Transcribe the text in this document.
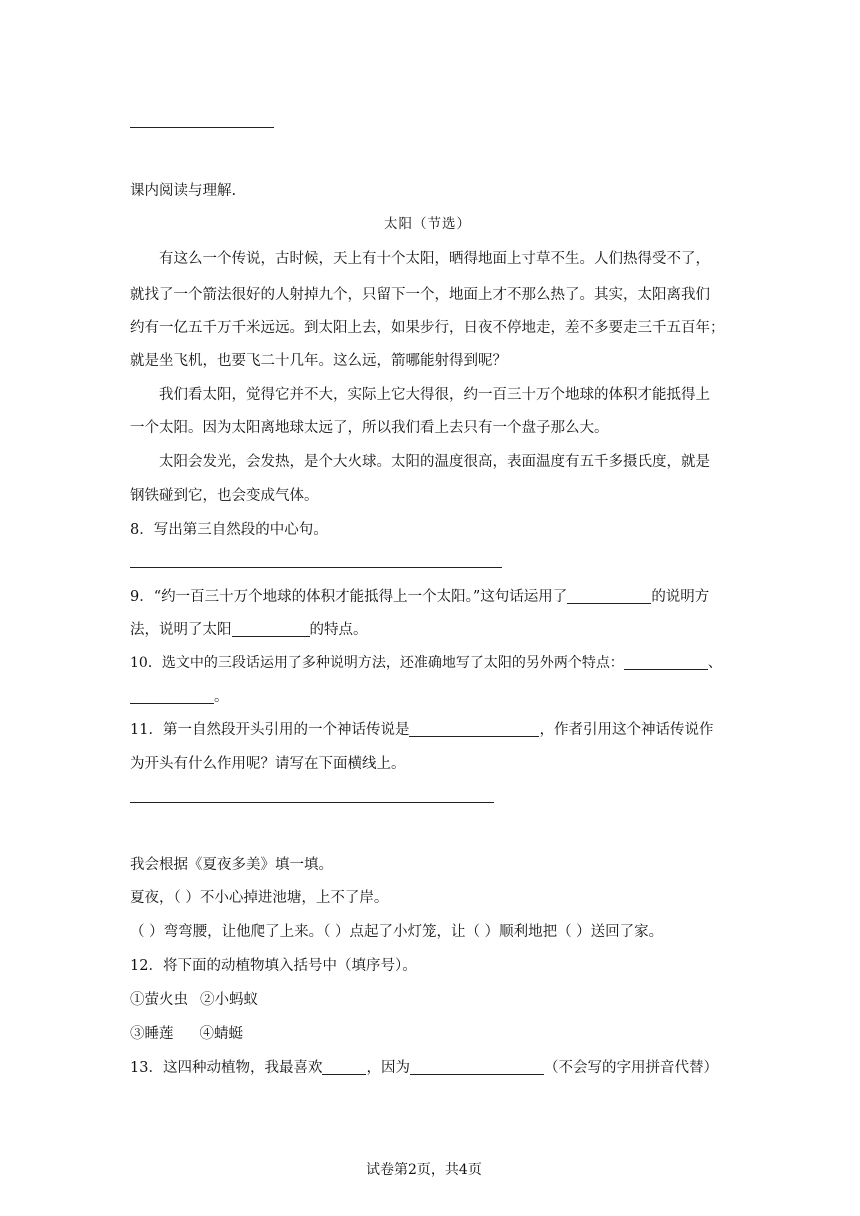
课内阅读与理解.
太阳（节选）
有这么一个传说，古时候，天上有十个太阳，晒得地面上寸草不生。人们热得受不了，
就找了一个箭法很好的人射掉九个，只留下一个，地面上才不那么热了。其实，太阳离我们
约有一亿五千万千米远远。到太阳上去，如果步行，日夜不停地走，差不多要走三千五百年；
就是坐飞机，也要飞二十几年。这么远，箭哪能射得到呢？
我们看太阳，觉得它并不大，实际上它大得很，约一百三十万个地球的体积才能抵得上
一个太阳。因为太阳离地球太远了，所以我们看上去只有一个盘子那么大。
太阳会发光，会发热，是个大火球。太阳的温度很高，表面温度有五千多摄氏度，就是
钢铁碰到它，也会变成气体。
8．写出第三自然段的中心句。
9．“约一百三十万个地球的体积才能抵得上一个太阳。”这句话运用了	的说明方
法，说明了太阳	的特点。
10．选文中的三段话运用了多种说明方法，还准确地写了太阳的另外两个特点：	、
。
11．第一自然段开头引用的一个神话传说是	，作者引用这个神话传说作
为开头有什么作用呢？请写在下面横线上。
我会根据《夏夜多美》填一填。
夏夜，（ ）不小心掉进池塘，上不了岸。
（ ）弯弯腰，让他爬了上来。（ ）点起了小灯笼，让（ ）顺利地把（ ）送回了家。
12．将下面的动植物填入括号中（填序号）。
①萤火虫 ②小蚂蚁
③睡莲 ④蜻蜓
13．这四种动植物，我最喜欢	，因为	（不会写的字用拼音代替）
试卷第2页，共4页
